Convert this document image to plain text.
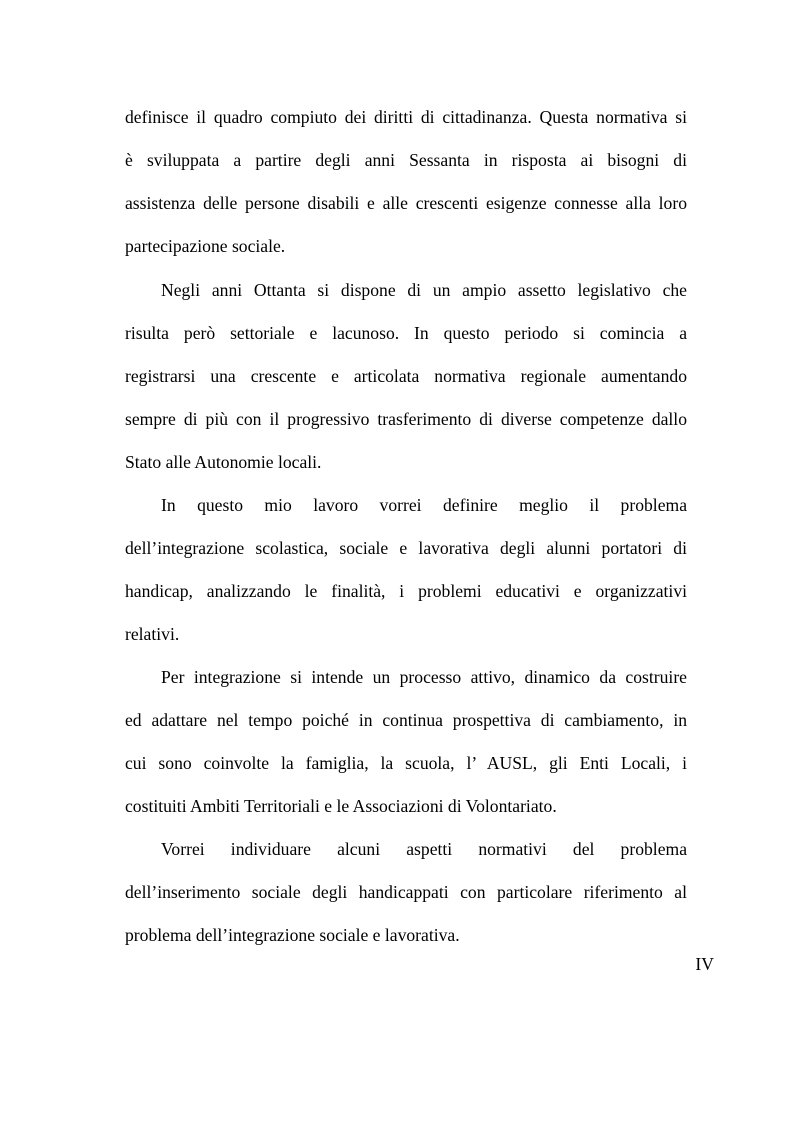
definisce il quadro compiuto dei diritti di cittadinanza. Questa normativa si
è sviluppata a partire degli anni Sessanta in risposta ai bisogni di
assistenza delle persone disabili e alle crescenti esigenze connesse alla loro
partecipazione sociale.
Negli anni Ottanta si dispone di un ampio assetto legislativo che
risulta però settoriale e lacunoso. In questo periodo si comincia a
registrarsi una crescente e articolata normativa regionale aumentando
sempre di più con il progressivo trasferimento di diverse competenze dallo
Stato alle Autonomie locali.
In questo mio lavoro vorrei definire meglio il problema
dell’integrazione scolastica, sociale e lavorativa degli alunni portatori di
handicap, analizzando le finalità, i problemi educativi e organizzativi
relativi.
Per integrazione si intende un processo attivo, dinamico da costruire
ed adattare nel tempo poiché in continua prospettiva di cambiamento, in
cui sono coinvolte la famiglia, la scuola, l’ AUSL, gli Enti Locali, i
costituiti Ambiti Territoriali e le Associazioni di Volontariato.
Vorrei individuare alcuni aspetti normativi del problema
dell’inserimento sociale degli handicappati con particolare riferimento al
problema dell’integrazione sociale e lavorativa.
IV
